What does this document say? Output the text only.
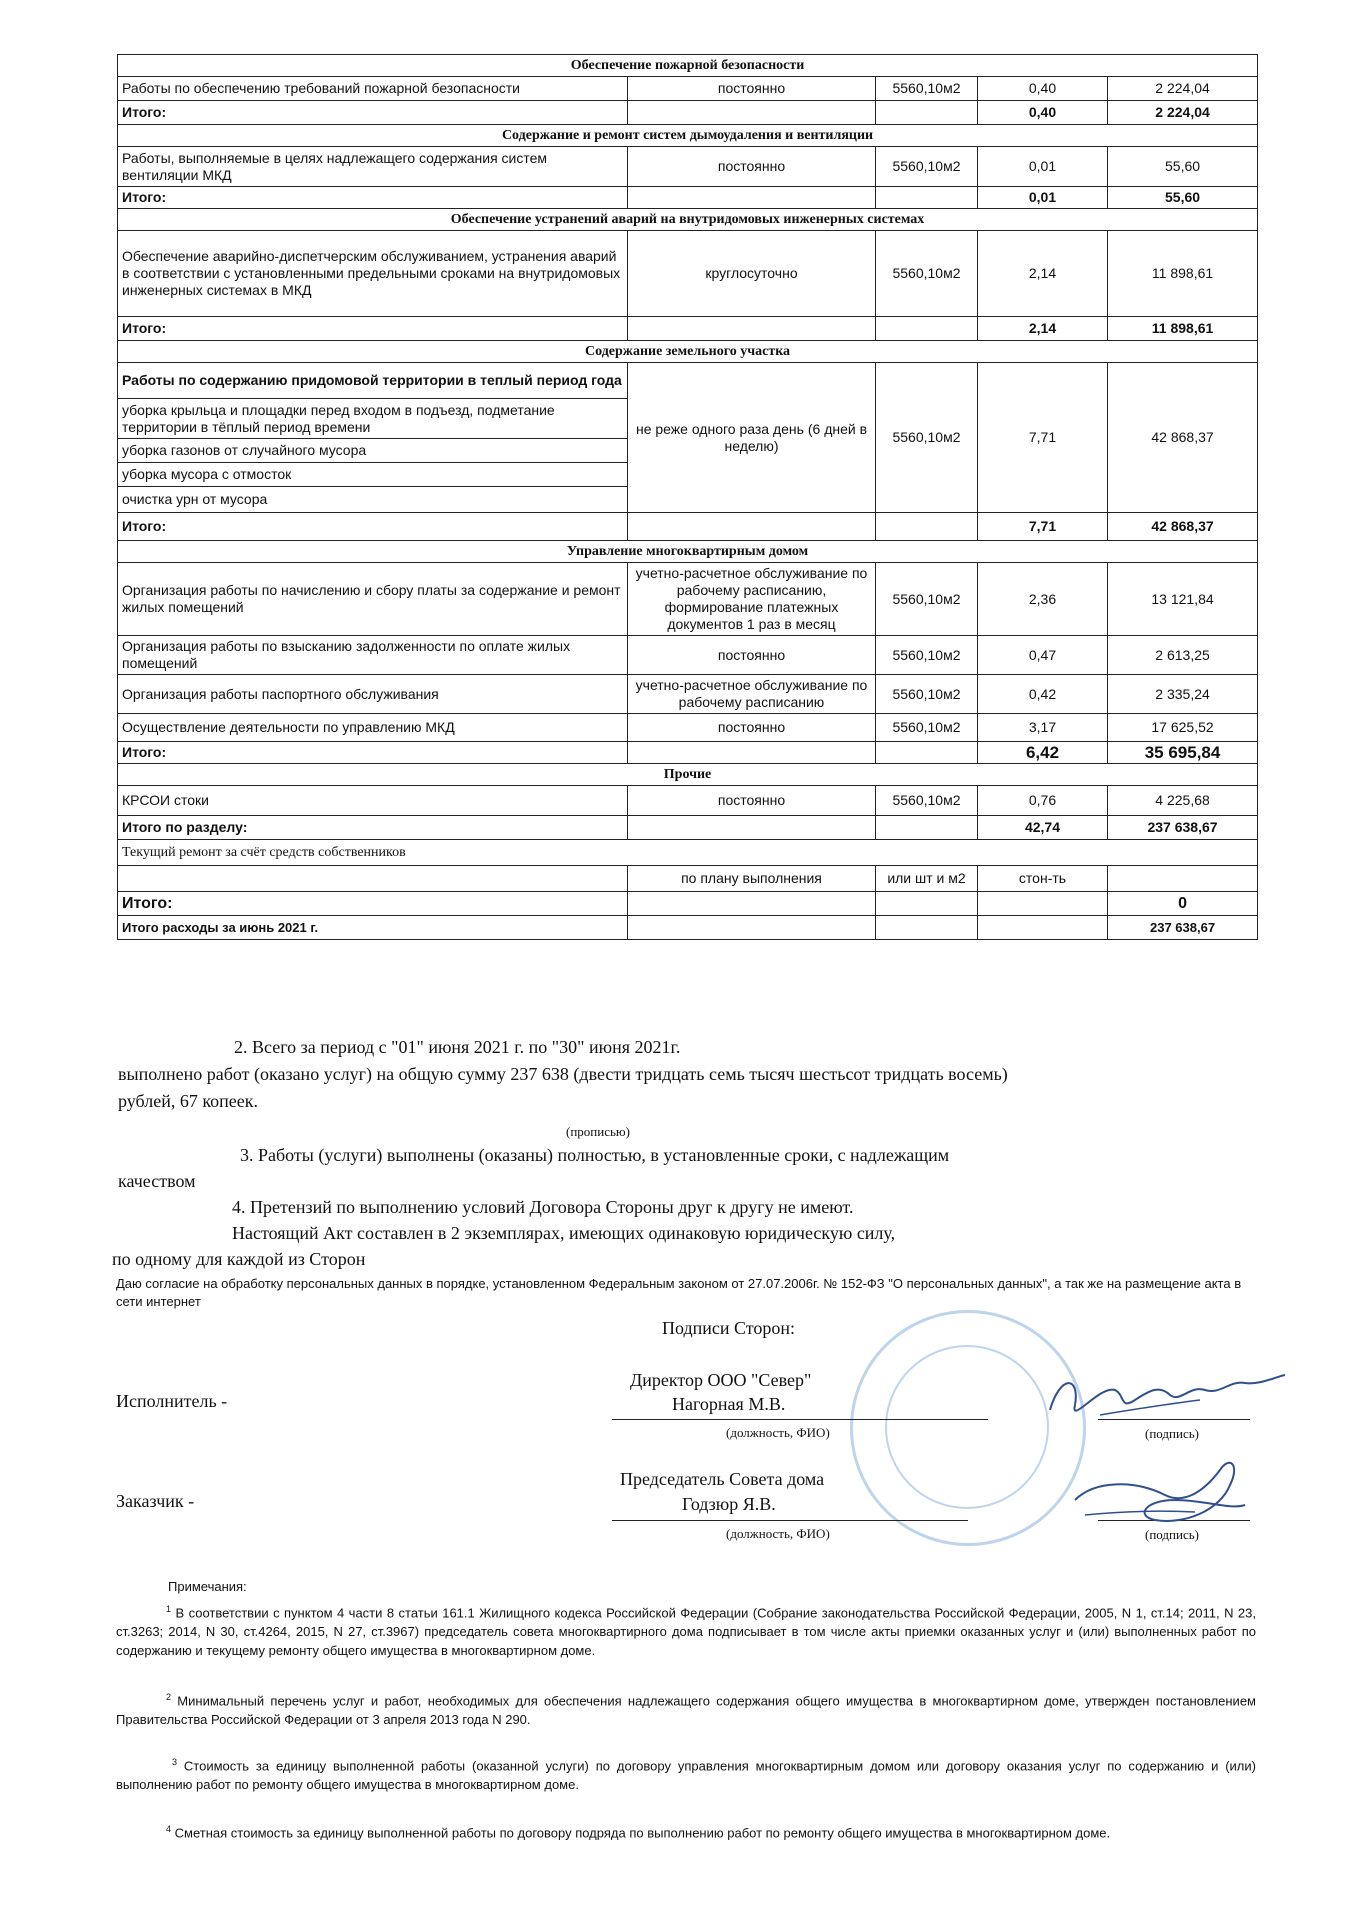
Обеспечение пожарной безопасности				
Работы по обеспечению требований пожарной безопасности	постоянно	5560,10м2	0,40	2 224,04
Итого:			0,40	2 224,04
Содержание и ремонт систем дымоудаления и вентиляции				
Работы, выполняемые в целях надлежащего содержания систем вентиляции МКД	постоянно	5560,10м2	0,01	55,60
Итого:			0,01	55,60
Обеспечение устранений аварий на внутридомовых инженерных системах				
Обеспечение аварийно-диспетчерским обслуживанием, устранения аварий в соответствии с установленными предельными сроками на внутридомовых инженерных системах в МКД	круглосуточно	5560,10м2	2,14	11 898,61
Итого:			2,14	11 898,61
Содержание земельного участка				
Работы по содержанию придомовой территории в теплый период года	не реже одного раза день (6 дней в неделю)	5560,10м2	7,71	42 868,37
уборка крыльца и площадки перед входом в подъезд, подметание территории в тёплый период времени				
уборка газонов от случайного мусора				
уборка мусора с отмосток				
очистка урн от мусора				
Итого:			7,71	42 868,37
Управление многоквартирным домом				
Организация работы по начислению и сбору платы за содержание и ремонт жилых помещений	учетно-расчетное обслуживание по рабочему расписанию, формирование платежных документов 1 раз в месяц	5560,10м2	2,36	13 121,84
Организация работы по взысканию задолженности по оплате жилых помещений	постоянно	5560,10м2	0,47	2 613,25
Организация работы паспортного обслуживания	учетно-расчетное обслуживание по рабочему расписанию	5560,10м2	0,42	2 335,24
Осуществление деятельности по управлению МКД	постоянно	5560,10м2	3,17	17 625,52
Итого:			6,42	35 695,84
Прочие				
КРСОИ стоки	постоянно	5560,10м2	0,76	4 225,68
Итого по разделу:			42,74	237 638,67
Текущий ремонт за счёт средств собственников				
	по плану выполнения	или шт и м2	стон-ть	
Итого:				0
Итого расходы за июнь 2021 г.				237 638,67
2. Всего за период с "01" июня 2021 г. по "30" июня 2021г.
выполнено работ (оказано услуг) на общую сумму 237 638 (двести тридцать семь тысяч шестьсот тридцать восемь)
рублей, 67 копеек.
(прописью)
3. Работы (услуги) выполнены (оказаны) полностью, в установленные сроки, с надлежащим
качеством
4. Претензий по выполнению условий Договора Стороны друг к другу не имеют.
Настоящий Акт составлен в 2 экземплярах, имеющих одинаковую юридическую силу,
по одному для каждой из Сторон
Даю согласие на обработку персональных данных в порядке, установленном Федеральным законом от 27.07.2006г. № 152-ФЗ "О персональных данных", а так же на размещение акта в сети интернет
Подписи Сторон:
Исполнитель -
Директор ООО "Север"
Нагорная М.В.
(должность, ФИО)	(подпись)
Заказчик -
Председатель Совета дома
Годзюр Я.В.
(должность, ФИО)	(подпись)
Примечания:
$^1$ В соответствии с пунктом 4 части 8 статьи 161.1 Жилищного кодекса Российской Федерации (Собрание законодательства Российской Федерации, 2005, N 1, ст.14; 2011, N 23, ст.3263; 2014, N 30, ст.4264, 2015, N 27, ст.3967) председатель совета многоквартирного дома подписывает в том числе акты приемки оказанных услуг и (или) выполненных работ по содержанию и текущему ремонту общего имущества в многоквартирном доме.
$^2$ Минимальный перечень услуг и работ, необходимых для обеспечения надлежащего содержания общего имущества в многоквартирном доме, утвержден постановлением Правительства Российской Федерации от 3 апреля 2013 года N 290.
$^3$ Стоимость за единицу выполненной работы (оказанной услуги) по договору управления многоквартирным домом или договору оказания услуг по содержанию и (или) выполнению работ по ремонту общего имущества в многоквартирном доме.
$^4$ Сметная стоимость за единицу выполненной работы по договору подряда по выполнению работ по ремонту общего имущества в многоквартирном доме.
